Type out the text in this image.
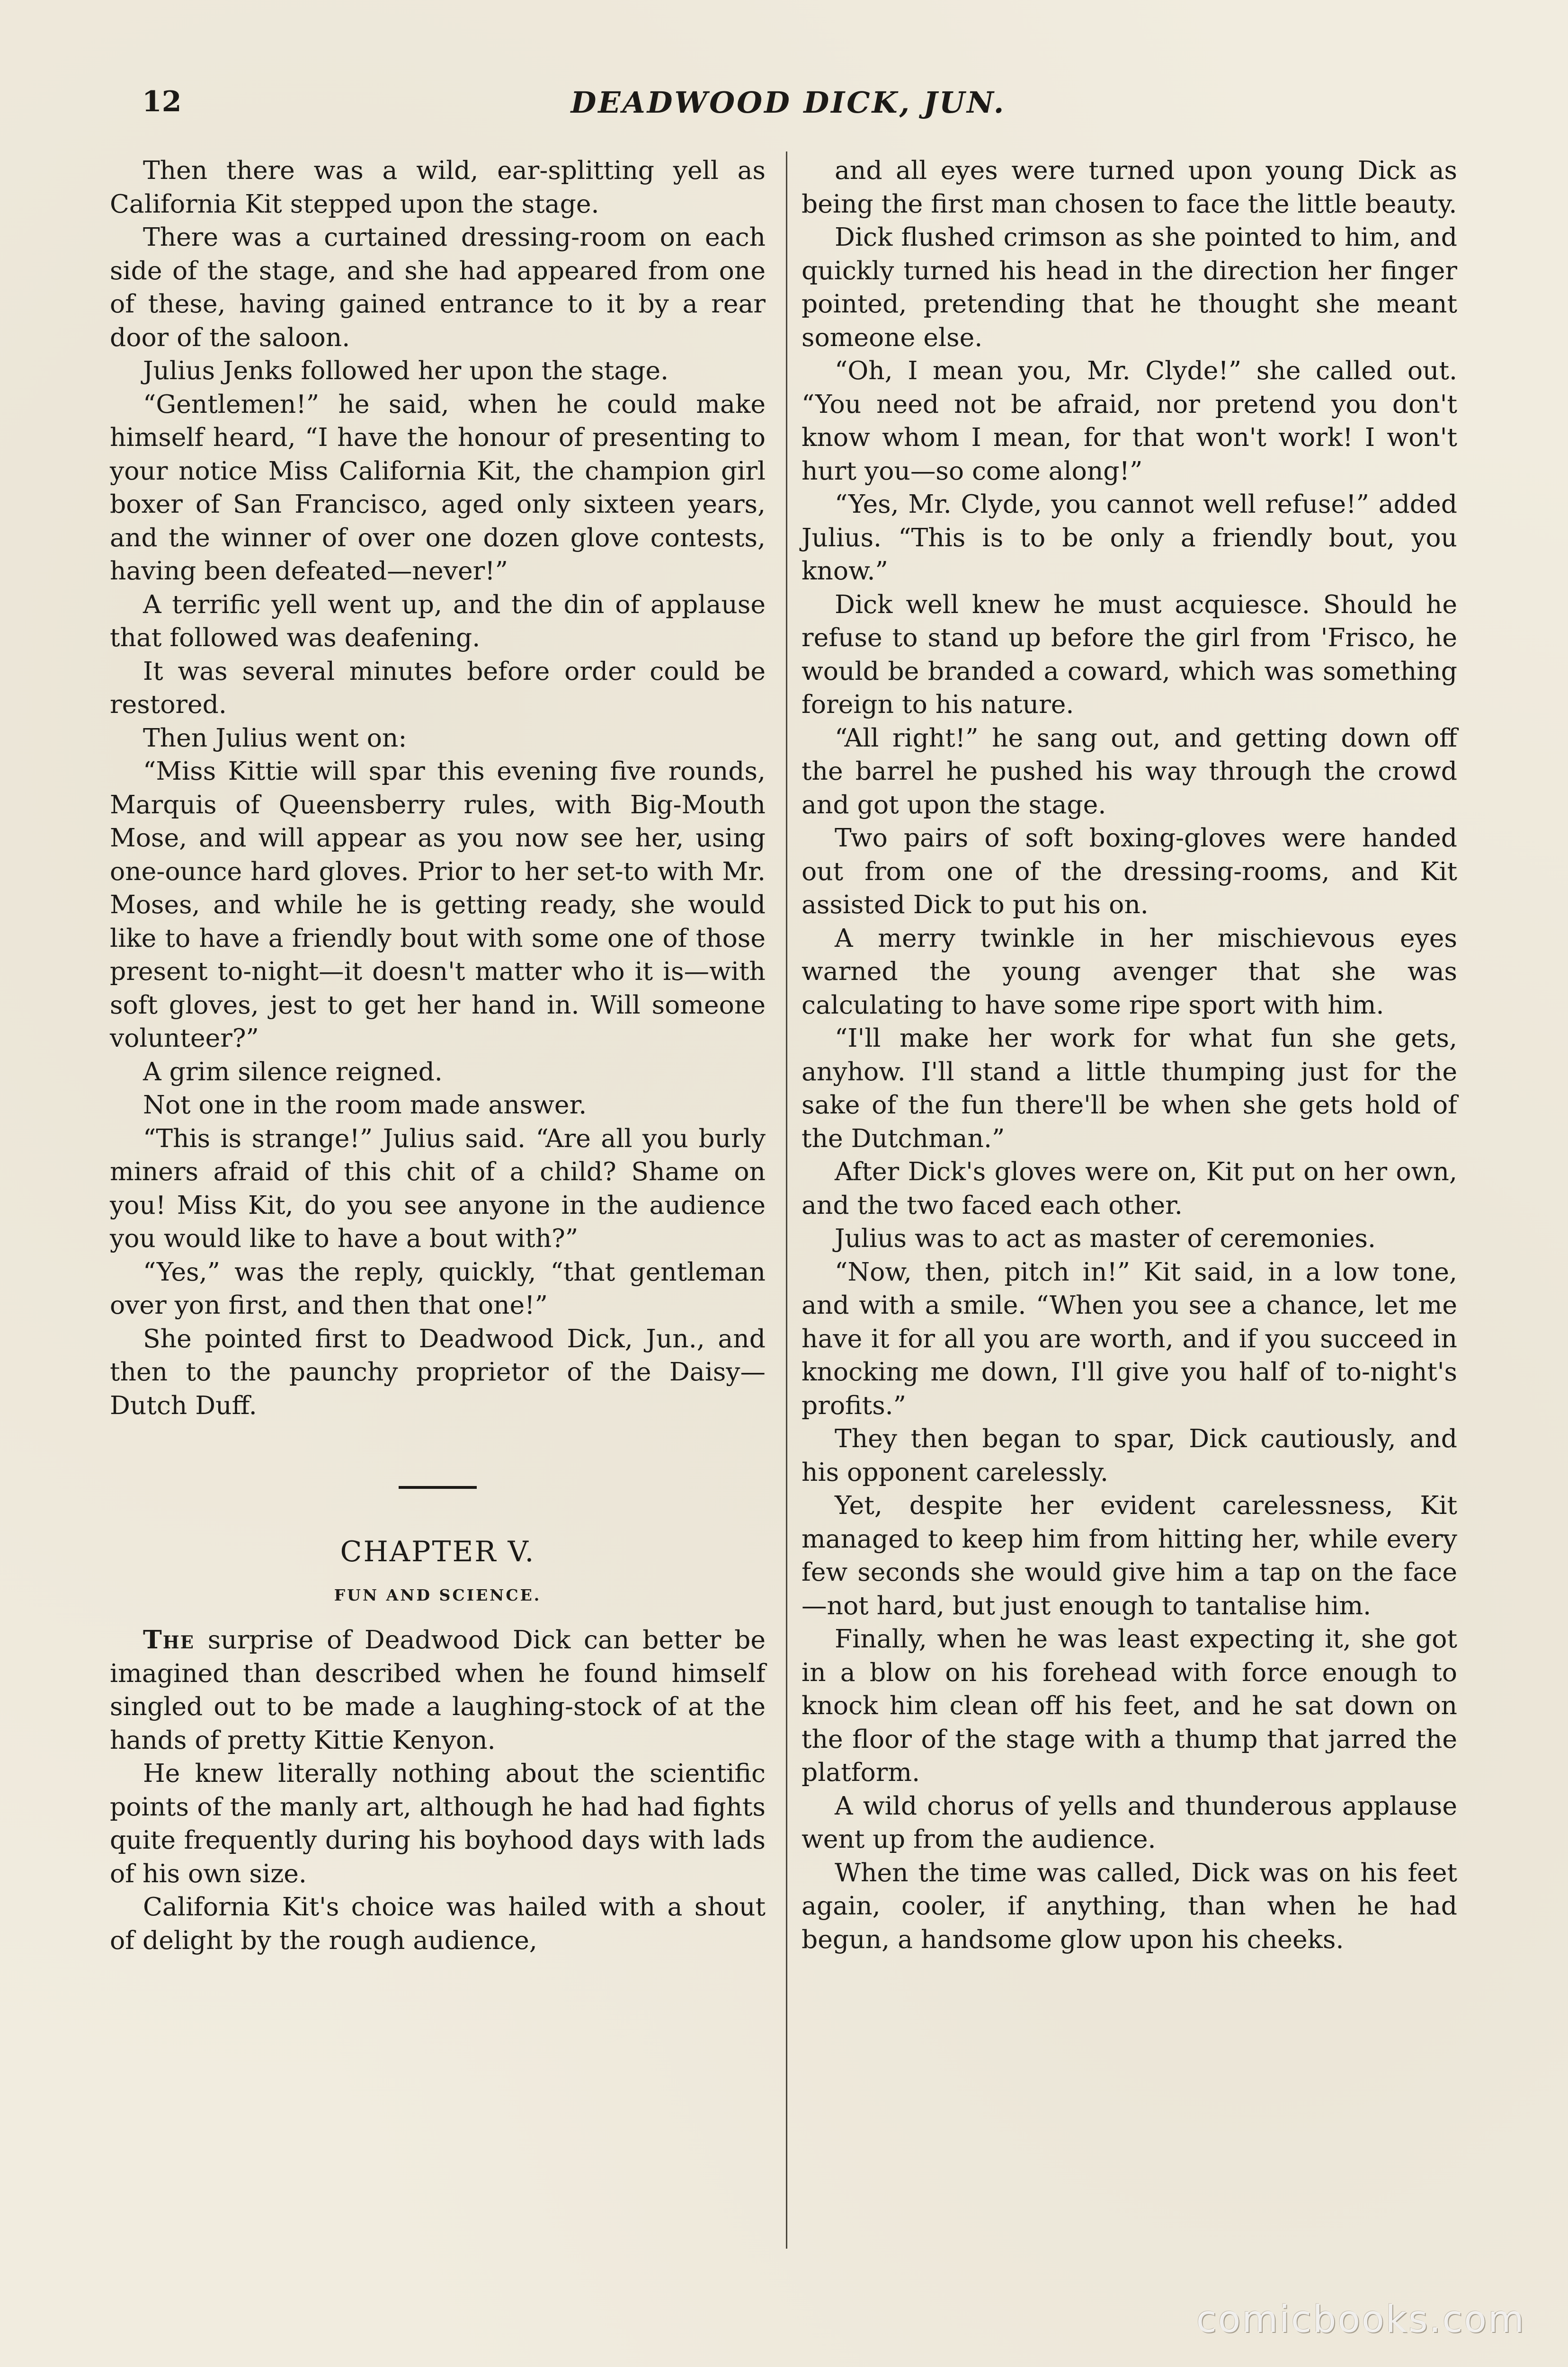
12	DEADWOOD DICK, JUN.

Then there was a wild, ear-splitting yell as California Kit stepped upon the stage.

There was a curtained dressing-room on each side of the stage, and she had appeared from one of these, having gained entrance to it by a rear door of the saloon.

Julius Jenks followed her upon the stage.

“Gentlemen!” he said, when he could make himself heard, “I have the honour of presenting to your notice Miss California Kit, the champion girl boxer of San Francisco, aged only sixteen years, and the winner of over one dozen glove contests, having been defeated—never!”

A terrific yell went up, and the din of applause that followed was deafening.

It was several minutes before order could be restored.

Then Julius went on:

“Miss Kittie will spar this evening five rounds, Marquis of Queensberry rules, with Big-Mouth Mose, and will appear as you now see her, using one-ounce hard gloves. Prior to her set-to with Mr. Moses, and while he is getting ready, she would like to have a friendly bout with some one of those present to-night—it doesn't matter who it is—with soft gloves, jest to get her hand in. Will someone volunteer?”

A grim silence reigned.

Not one in the room made answer.

“This is strange!” Julius said. “Are all you burly miners afraid of this chit of a child? Shame on you! Miss Kit, do you see anyone in the audience you would like to have a bout with?”

“Yes,” was the reply, quickly, “that gentleman over yon first, and then that one!”

She pointed first to Deadwood Dick, Jun., and then to the paunchy proprietor of the Daisy—Dutch Duff.

CHAPTER V.
FUN AND SCIENCE.

The surprise of Deadwood Dick can better be imagined than described when he found himself singled out to be made a laughing-stock of at the hands of pretty Kittie Kenyon.

He knew literally nothing about the scientific points of the manly art, although he had had fights quite frequently during his boyhood days with lads of his own size.

California Kit's choice was hailed with a shout of delight by the rough audience,

and all eyes were turned upon young Dick as being the first man chosen to face the little beauty.

Dick flushed crimson as she pointed to him, and quickly turned his head in the direction her finger pointed, pretending that he thought she meant someone else.

“Oh, I mean you, Mr. Clyde!” she called out. “You need not be afraid, nor pretend you don't know whom I mean, for that won't work! I won't hurt you—so come along!”

“Yes, Mr. Clyde, you cannot well refuse!” added Julius. “This is to be only a friendly bout, you know.”

Dick well knew he must acquiesce. Should he refuse to stand up before the girl from 'Frisco, he would be branded a coward, which was something foreign to his nature.

“All right!” he sang out, and getting down off the barrel he pushed his way through the crowd and got upon the stage.

Two pairs of soft boxing-gloves were handed out from one of the dressing-rooms, and Kit assisted Dick to put his on.

A merry twinkle in her mischievous eyes warned the young avenger that she was calculating to have some ripe sport with him.

“I'll make her work for what fun she gets, anyhow. I'll stand a little thumping just for the sake of the fun there'll be when she gets hold of the Dutchman.”

After Dick's gloves were on, Kit put on her own, and the two faced each other.

Julius was to act as master of ceremonies.

“Now, then, pitch in!” Kit said, in a low tone, and with a smile. “When you see a chance, let me have it for all you are worth, and if you succeed in knocking me down, I'll give you half of to-night's profits.”

They then began to spar, Dick cautiously, and his opponent carelessly.

Yet, despite her evident carelessness, Kit managed to keep him from hitting her, while every few seconds she would give him a tap on the face—not hard, but just enough to tantalise him.

Finally, when he was least expecting it, she got in a blow on his forehead with force enough to knock him clean off his feet, and he sat down on the floor of the stage with a thump that jarred the platform.

A wild chorus of yells and thunderous applause went up from the audience.

When the time was called, Dick was on his feet again, cooler, if anything, than when he had begun, a handsome glow upon his cheeks.

comicbooks.com
